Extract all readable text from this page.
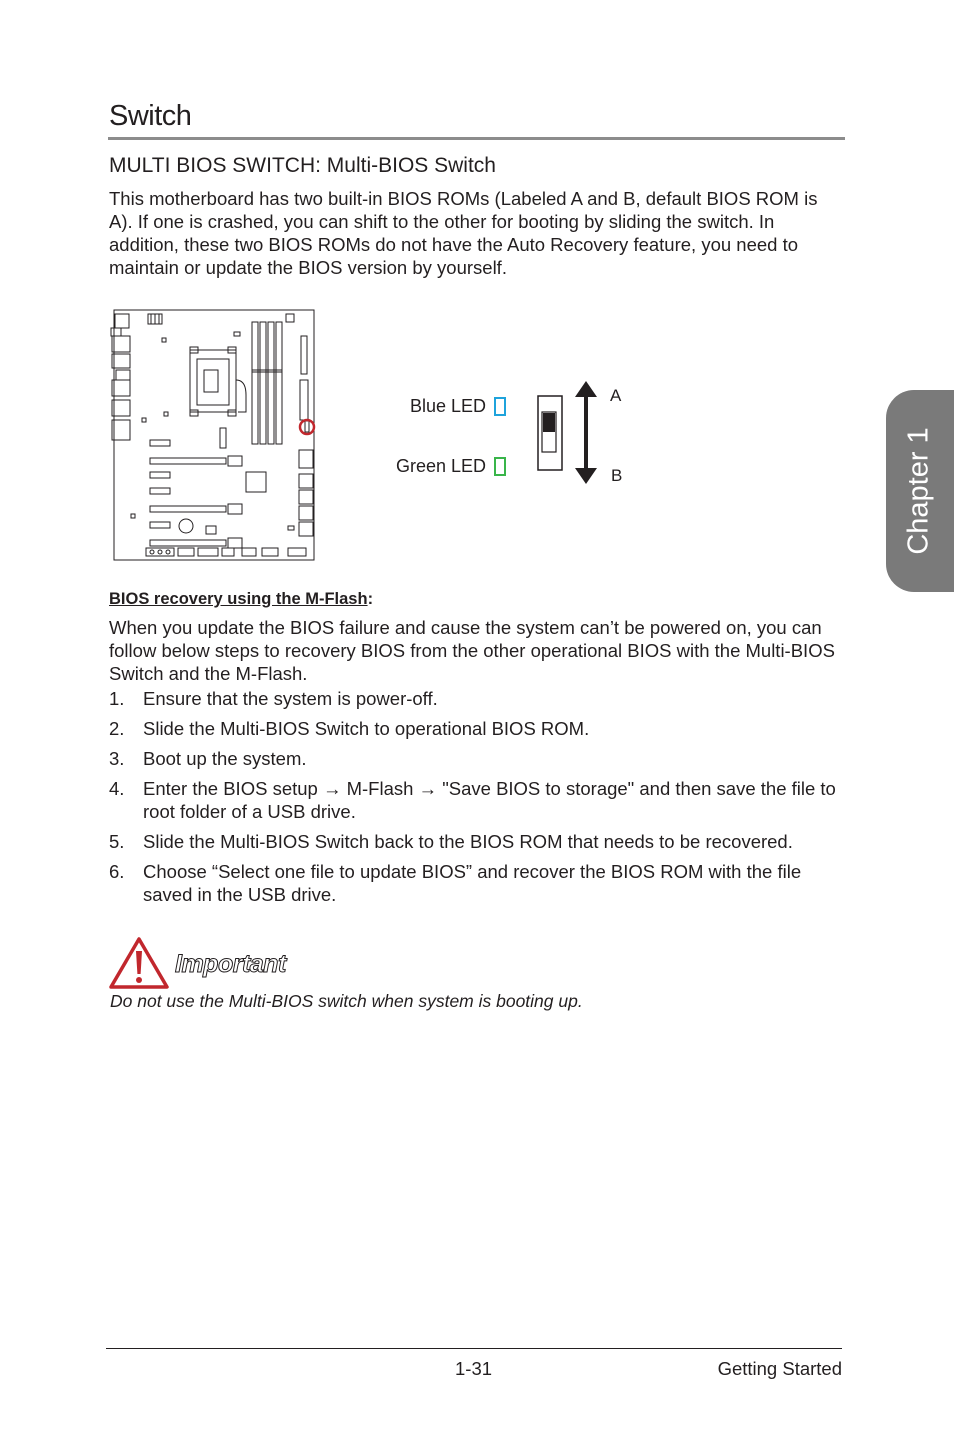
Switch
MULTI BIOS SWITCH: Multi-BIOS Switch

This motherboard has two built-in BIOS ROMs (Labeled A and B, default BIOS ROM is A). If one is crashed, you can shift to the other for booting by sliding the switch. In addition, these two BIOS ROMs do not have the Auto Recovery feature, you need to maintain or update the BIOS version by yourself.

Blue LED
Green LED
A
B
BIOS recovery using the M-Flash:

When you update the BIOS failure and cause the system can’t be powered on, you can follow below steps to recovery BIOS from the other operational BIOS with the Multi-BIOS Switch and the M-Flash.

1. Ensure that the system is power-off.
2. Slide the Multi-BIOS Switch to operational BIOS ROM.
3. Boot up the system.
4. Enter the BIOS setup → M-Flash → "Save BIOS to storage" and then save the file to root folder of a USB drive.
5. Slide the Multi-BIOS Switch back to the BIOS ROM that needs to be recovered.
6. Choose “Select one file to update BIOS” and recover the BIOS ROM with the file saved in the USB drive.
Important

Do not use the Multi-BIOS switch when system is booting up.

Chapter 1
1-31	Getting Started
